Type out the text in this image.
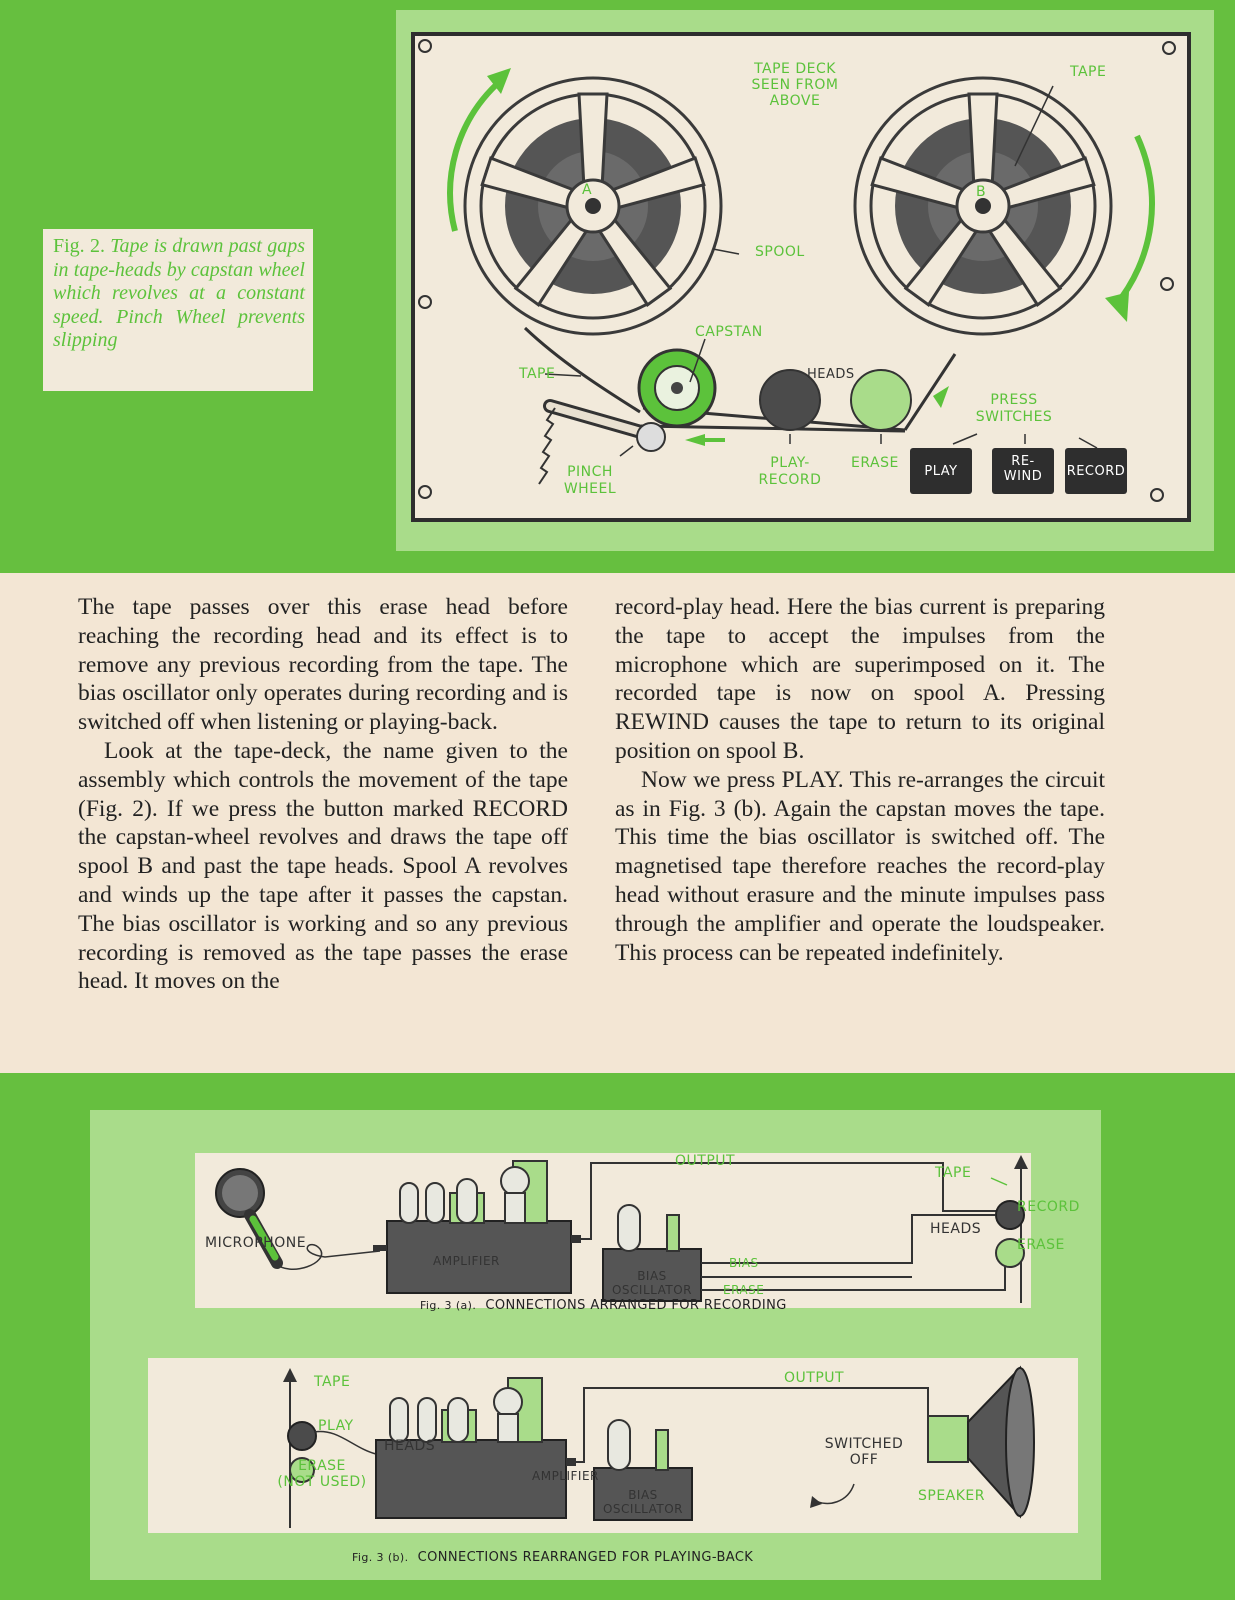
TAPE DECK
SEEN FROM
ABOVE
TAPE
A	B
SPOOL
CAPSTAN
TAPE	HEADS
PRESS
SWITCHES
PINCH
WHEEL
PLAY-
RECORD
ERASE
PLAY
RE-
WIND	RECORD
Fig. 2. Tape is drawn past gaps in tape-heads by capstan wheel which revolves at a constant speed. Pinch Wheel prevents slipping

The tape passes over this erase head before reaching the recording head and its effect is to remove any previous recording from the tape. The bias oscillator only operates during recording and is switched off when listening or playing-back.

Look at the tape-deck, the name given to the assembly which controls the movement of the tape (Fig. 2). If we press the button marked RECORD the capstan-wheel revolves and draws the tape off spool B and past the tape heads. Spool A revolves and winds up the tape after it passes the capstan. The bias oscillator is working and so any previous recording is removed as the tape passes the erase head. It moves on the

record-play head. Here the bias current is preparing the tape to accept the impulses from the microphone which are superimposed on it. The recorded tape is now on spool A. Pressing REWIND causes the tape to return to its original position on spool B.

Now we press PLAY. This re-arranges the circuit as in Fig. 3 (b). Again the capstan moves the tape. This time the bias oscillator is switched off. The magnetised tape therefore reaches the record-play head without erasure and the minute impulses pass through the amplifier and operate the loudspeaker. This process can be repeated indefinitely.

MICROPHONE
AMPLIFIER
BIAS
OSCILLATOR
OUTPUT
TAPE
HEADS
RECORD
ERASE
BIAS
ERASE
Fig. 3 (a). CONNECTIONS ARRANGED FOR RECORDING
TAPE
PLAY
ERASE
(NOT USED)
HEADS
AMPLIFIER
BIAS
OSCILLATOR
OUTPUT
SWITCHED
OFF
SPEAKER
Fig. 3 (b). CONNECTIONS REARRANGED FOR PLAYING-BACK
